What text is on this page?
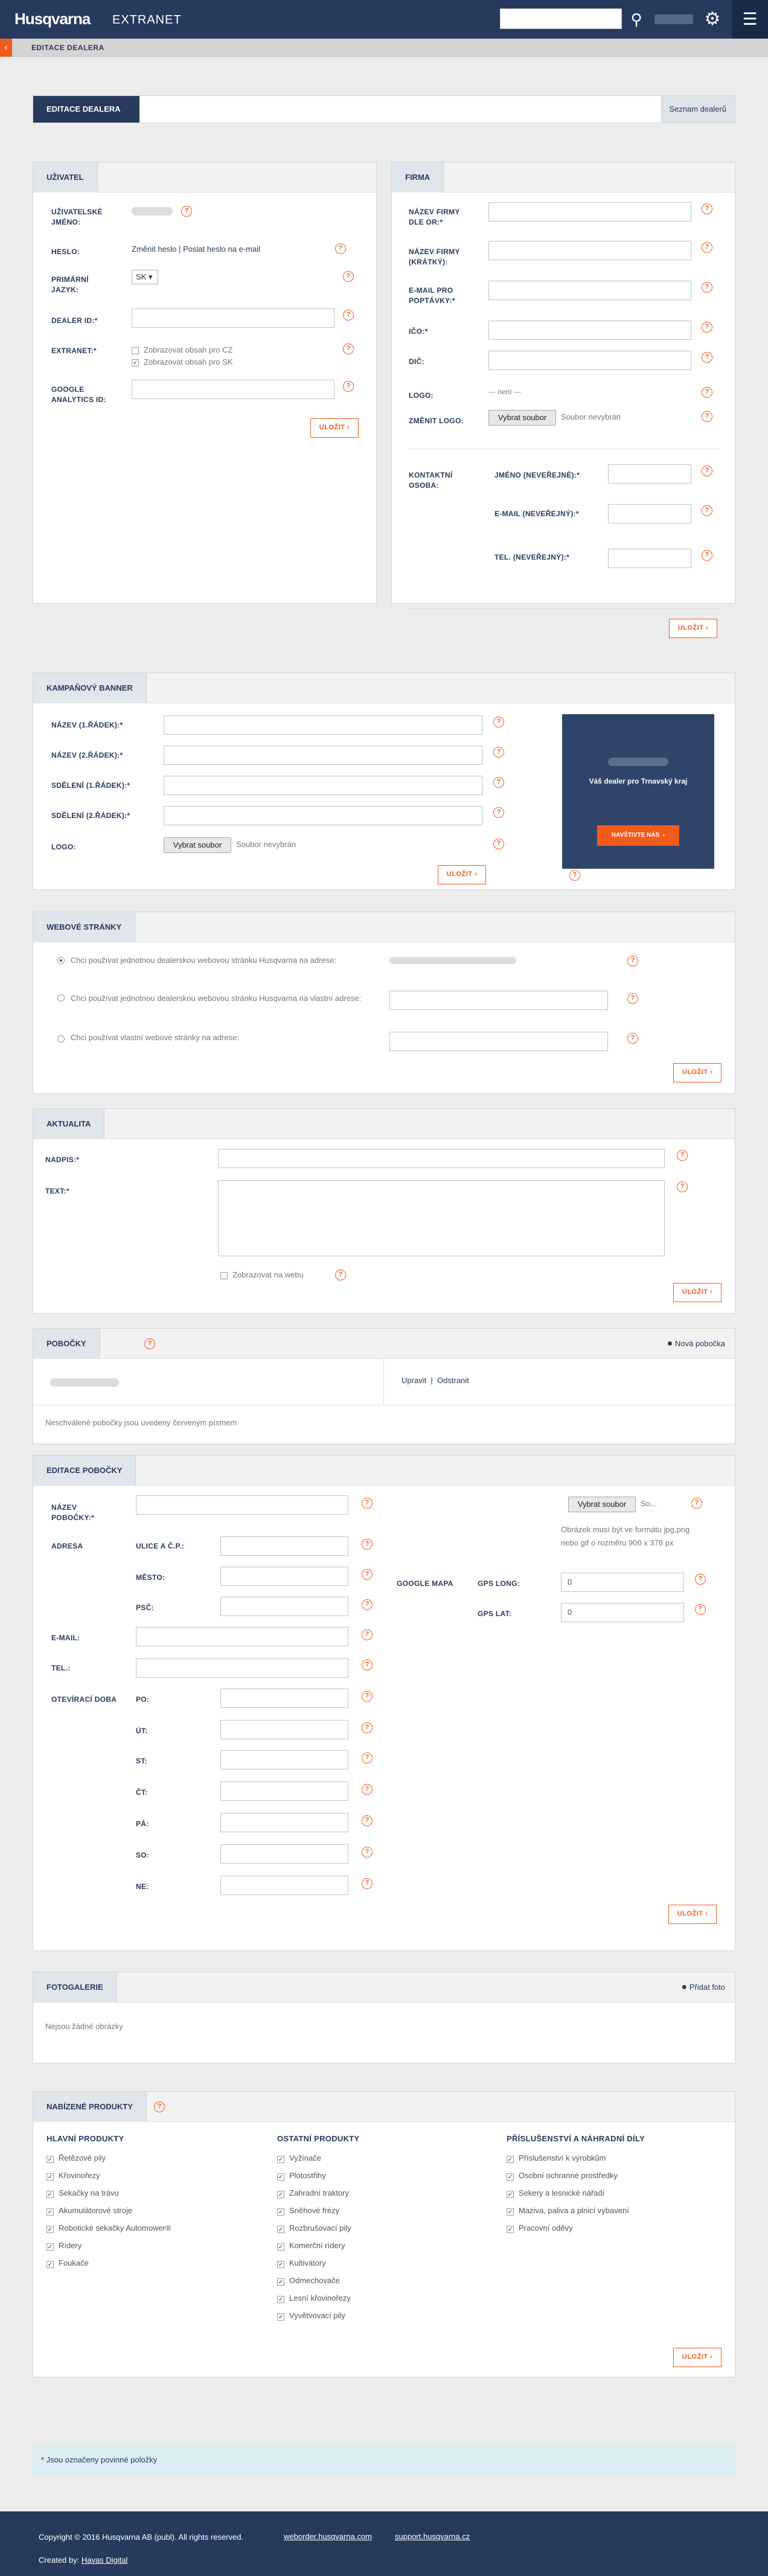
Husqvarna EXTRANET	⚲	⚙	☰
‹	EDITACE DEALERA
EDITACE DEALERA	Seznam dealerů
UŽIVATEL
UŽIVATELSKÉ JMÉNO:
?
HESLO:	Změnit heslo | Poslat heslo na e-mail	?
PRIMÁRNÍ JAZYK:
SK ▾	?
DEALER ID:*
?
EXTRANET:*	Zobrazovat obsah pro CZ
✓ Zobrazovat obsah pro SK
?
GOOGLE ANALYTICS ID:
?
ULOŽIT ›
FIRMA
NÁZEV FIRMY DLE OR:*
?
NÁZEV FIRMY (KRÁTKÝ):
?
E-MAIL PRO POPTÁVKY:*
?
IČO:*
?
DIČ:
?
LOGO:	--- není ---	?
ZMĚNIT LOGO:	Vybrat soubor	Soubor nevybrán	?
KONTAKTNÍ OSOBA:
JMÉNO (NEVEŘEJNÉ):*
?
E-MAIL (NEVEŘEJNÝ):*	?
TEL. (NEVEŘEJNÝ):*	?
ULOŽIT ›
KAMPAŇOVÝ BANNER
NÁZEV (1.ŘÁDEK):*	?
NÁZEV (2.ŘÁDEK):*	?
SDĚLENÍ (1.ŘÁDEK):*	?
SDĚLENÍ (2.ŘÁDEK):*	?
LOGO:	Vybrat soubor	Soubor nevybrán	?
ULOŽIT ›	?
Váš dealer pro Trnavský kraj
NAVŠTIVTE NÁS  ›
WEBOVÉ STRÁNKY
Chci používat jednotnou dealerskou webovou stránku Husqvarna na adrese:	?
Chci používat jednotnou dealerskou webovou stránku Husqvarna na vlastní adrese:	?
Chci používat vlastní webové stránky na adrese:	?
ULOŽIT ›
AKTUALITA
NADPIS:*
?
TEXT:*
?
Zobrazovat na webu	?
ULOŽIT ›
POBOČKY	?	● Nová pobočka
Upravit | Odstranit
Neschválené pobočky jsou uvedeny červeným písmem
EDITACE POBOČKY
NÁZEV POBOČKY:*
?
ADRESA	ULICE A Č.P.:	?
MĚSTO:	?
PSČ:	?
E-MAIL:	?
TEL.:	?
OTEVÍRACÍ DOBA	PO:	?
ÚT:	?
ST:	?
ČT:	?
PÁ:	?
SO:	?
NE:	?
Vybrat soubor	So...	?
Obrázek musí být ve formátu jpg,png nebo gif o rozměru 900 x 378 px
GOOGLE MAPA	GPS LONG:	0	?
GPS LAT:	0	?
ULOŽIT ›
FOTOGALERIE	● Přidat foto
Nejsou žádné obrázky
NABÍZENÉ PRODUKTY	?
HLAVNÍ PRODUKTY	OSTATNÍ PRODUKTY	PŘÍSLUŠENSTVÍ A NÁHRADNÍ DÍLY
✓ Řetězové pily
✓ Křovinořezy
✓ Sekačky na trávu
✓ Akumulátorové stroje
✓ Robotické sekačky Automower®
✓ Rídery
✓ Foukače
✓ Vyžínače
✓ Plotostřihy
✓ Zahradní traktory
✓ Sněhové frézy
✓ Rozbrušovací pily
✓ Komerční rídery
✓ Kultivátory
✓ Odmechovače
✓ Lesní křovinořezy
✓ Vyvětvovací pily
✓ Příslušenství k výrobkům
✓ Osobní ochranné prostředky
✓ Sekery a lesnické nářadí
✓ Maziva, paliva a plnicí vybavení
✓ Pracovní oděvy
ULOŽIT ›
* Jsou označeny povinné položky
Copyright © 2016 Husqvarna AB (publ). All rights reserved.
Created by: Havas Digital
weborder.husqvarna.com	support.husqvarna.cz
